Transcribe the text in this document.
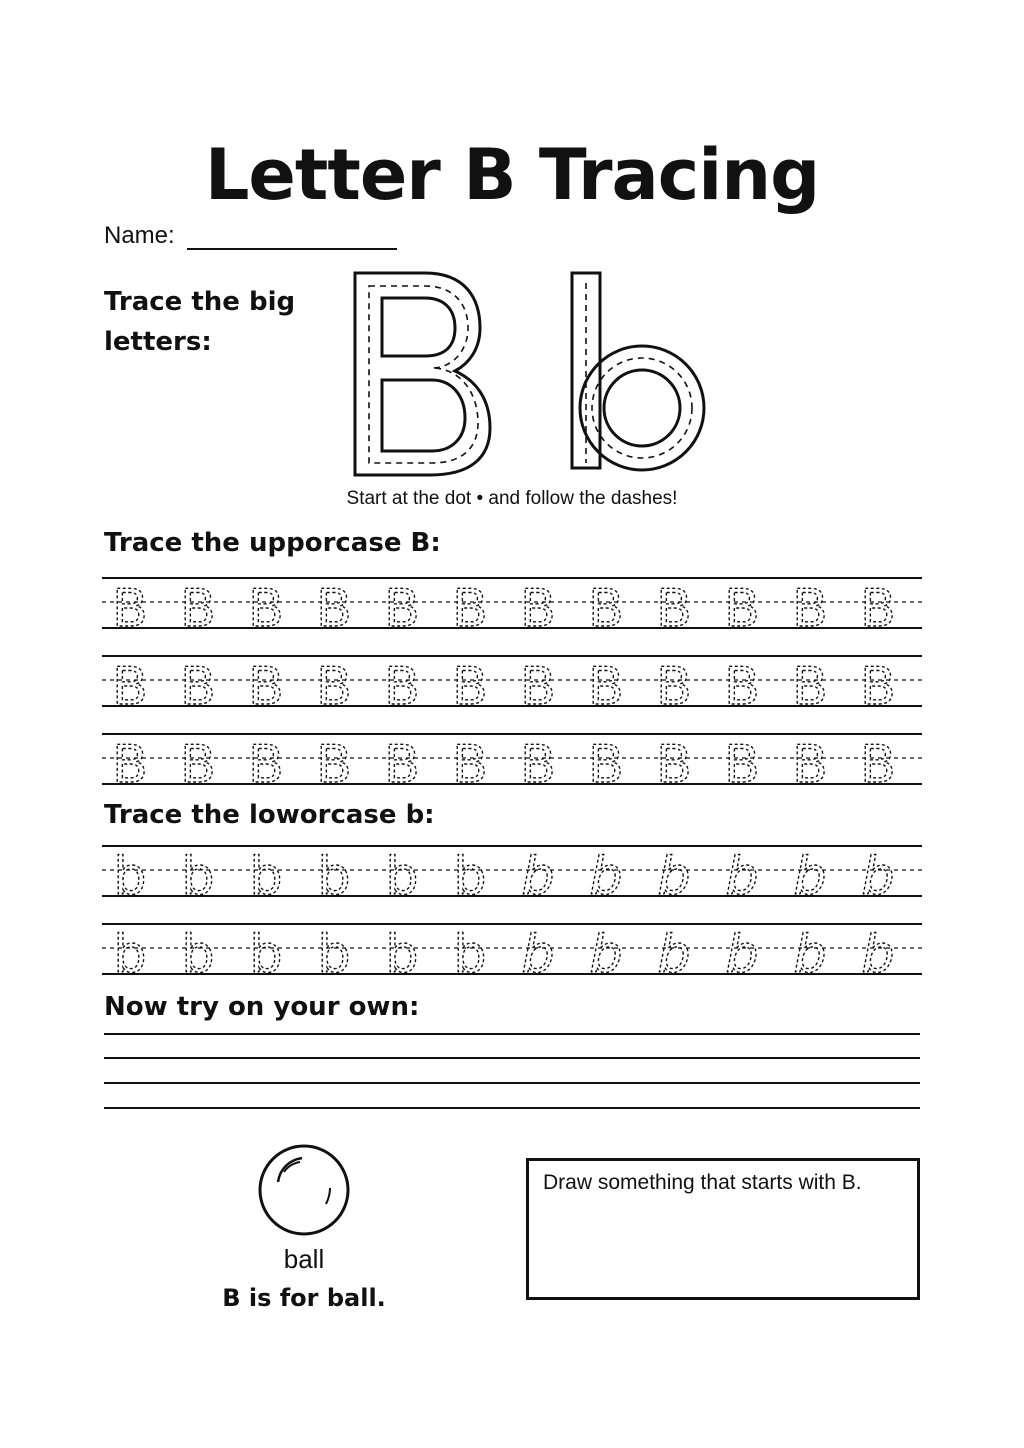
Letter B Tracing
Name:
Trace the big
letters:
Start at the dot • and follow the dashes!
Trace the upporcase B:
B B B B B B B B B B B B
B B B B B B B B B B B B
B B B B B B B B B B B B
Trace the loworcase b:
b b b b b b b b b b b b
b b b b b b b b b b b b
Now try on your own:
ball
B is for ball.
Draw something that starts with B.
